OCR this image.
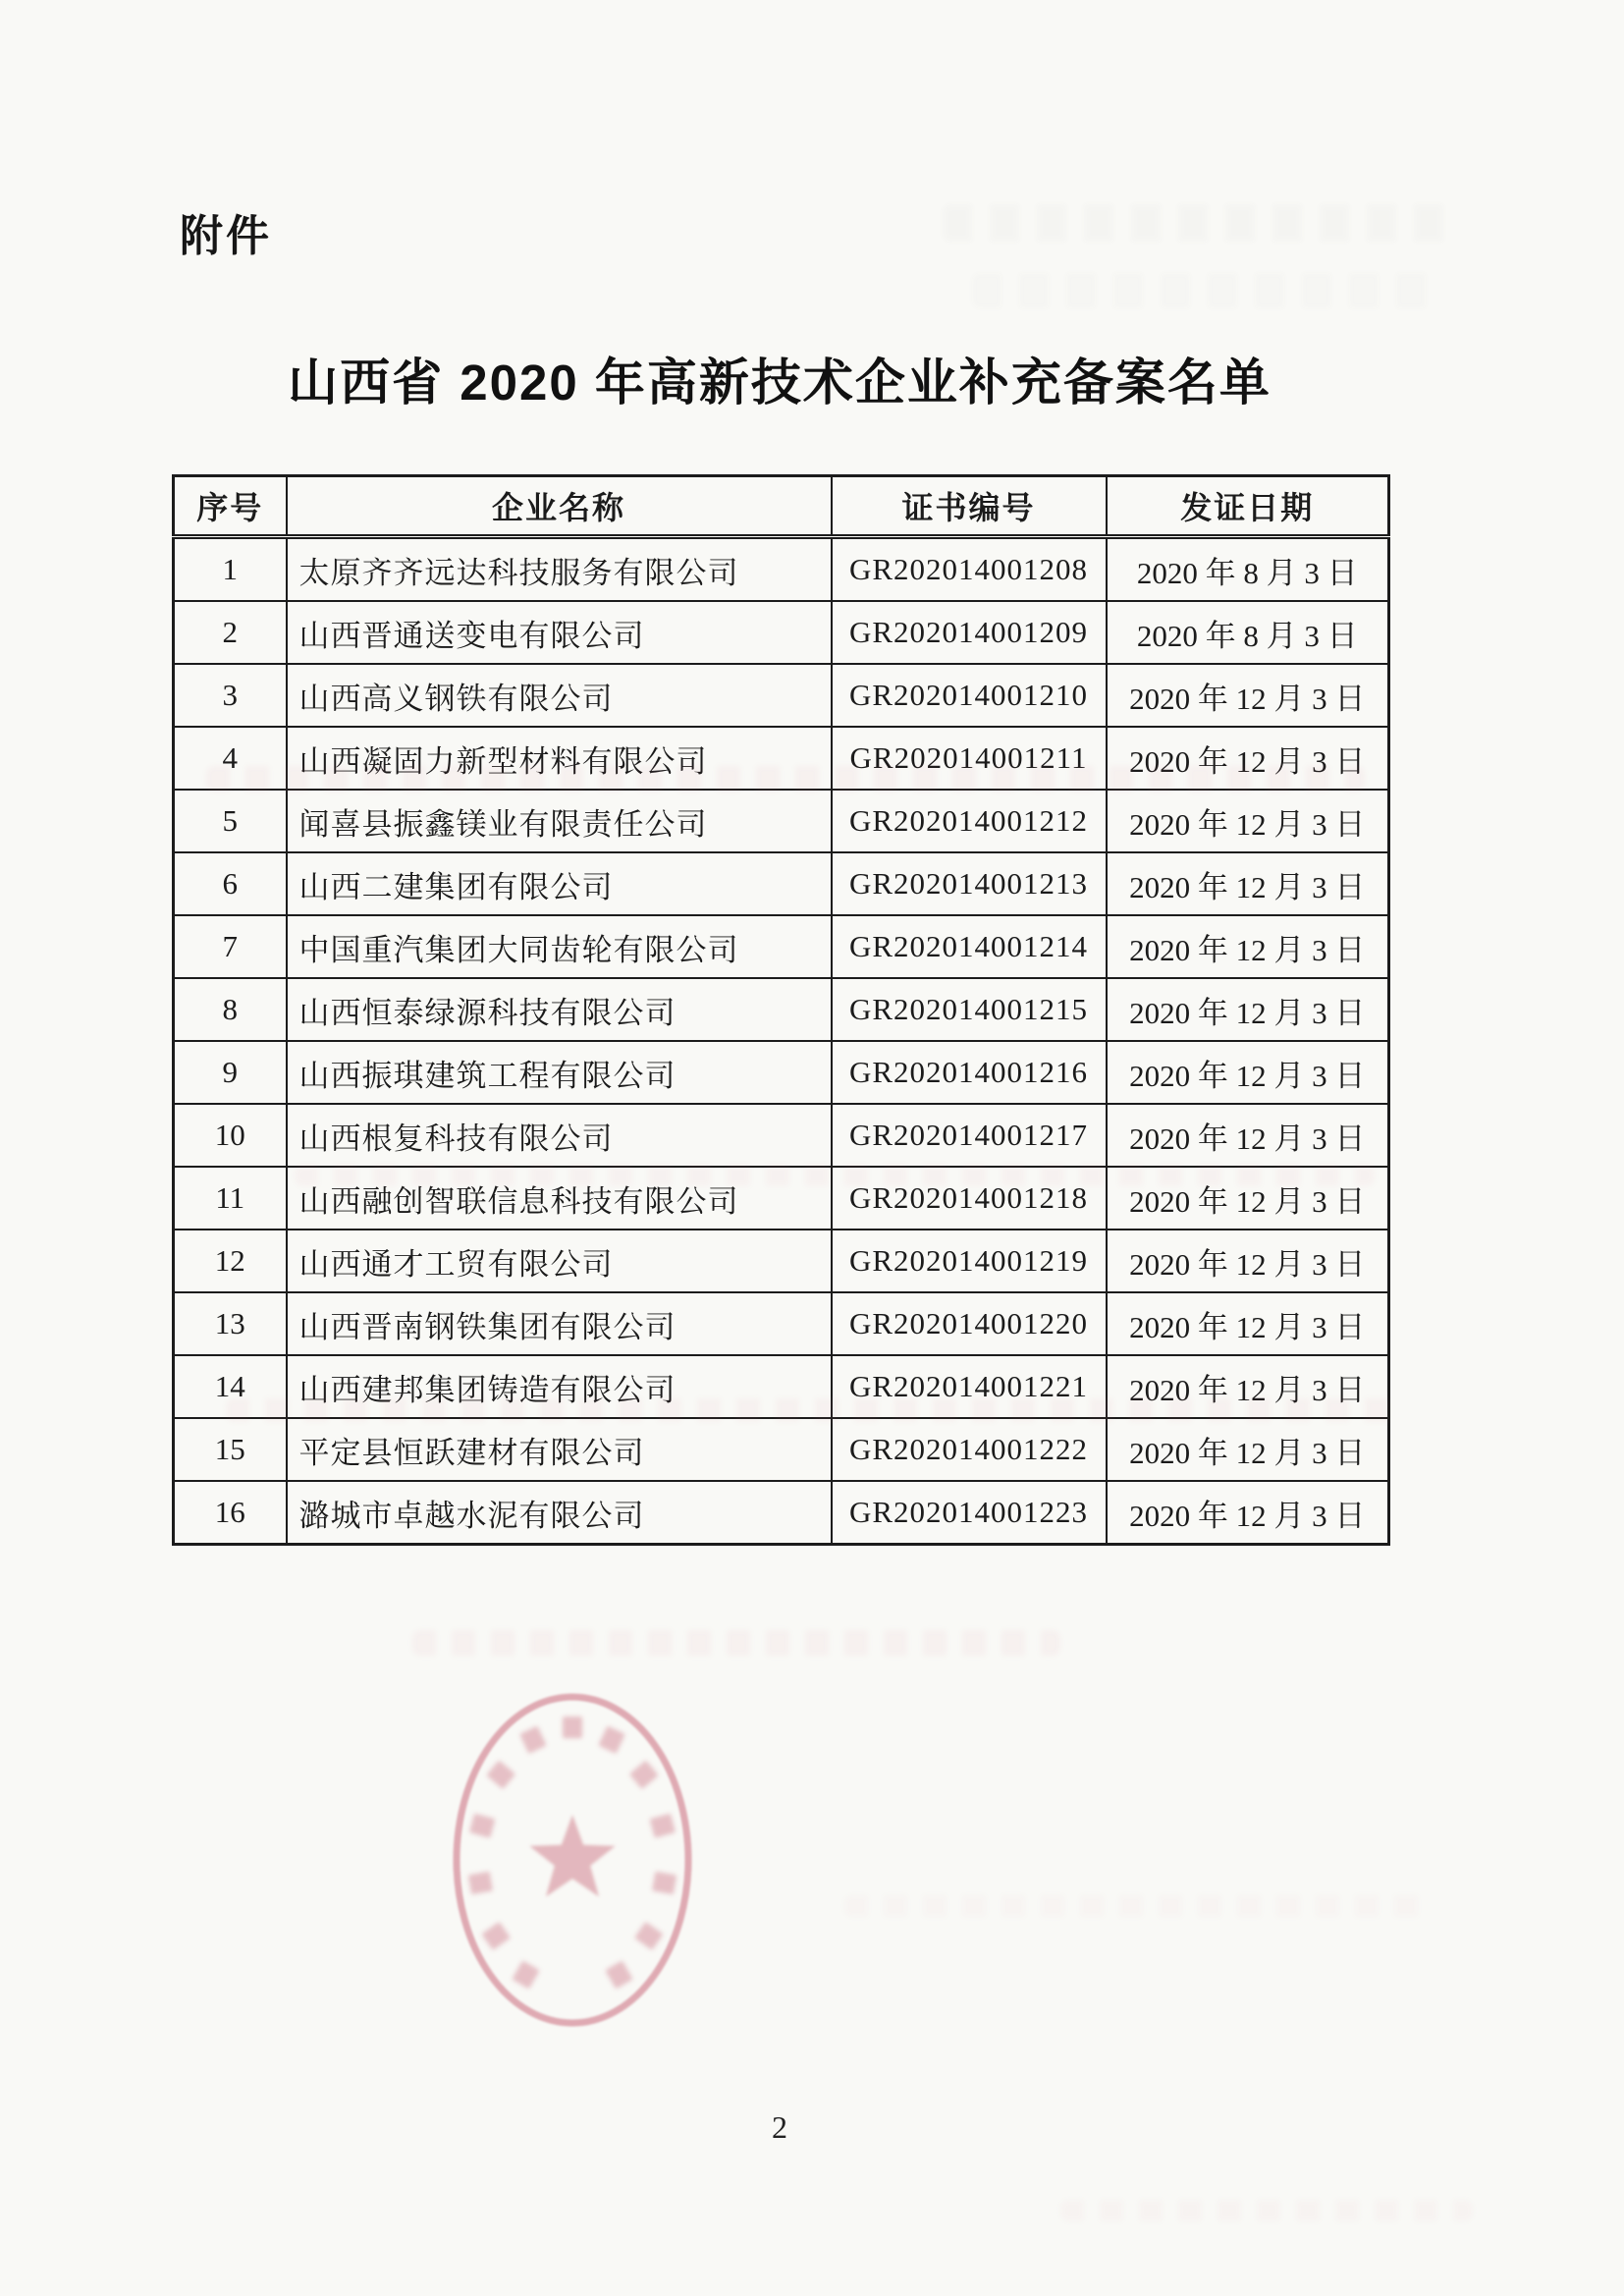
附件
山西省 2020 年高新技术企业补充备案名单
序号	企业名称	证书编号	发证日期
1	太原齐齐远达科技服务有限公司	GR202014001208	2020 年 8 月 3 日
2	山西晋通送变电有限公司	GR202014001209	2020 年 8 月 3 日
3	山西高义钢铁有限公司	GR202014001210	2020 年 12 月 3 日
4	山西凝固力新型材料有限公司	GR202014001211	2020 年 12 月 3 日
5	闻喜县振鑫镁业有限责任公司	GR202014001212	2020 年 12 月 3 日
6	山西二建集团有限公司	GR202014001213	2020 年 12 月 3 日
7	中国重汽集团大同齿轮有限公司	GR202014001214	2020 年 12 月 3 日
8	山西恒泰绿源科技有限公司	GR202014001215	2020 年 12 月 3 日
9	山西振琪建筑工程有限公司	GR202014001216	2020 年 12 月 3 日
10	山西根复科技有限公司	GR202014001217	2020 年 12 月 3 日
11	山西融创智联信息科技有限公司	GR202014001218	2020 年 12 月 3 日
12	山西通才工贸有限公司	GR202014001219	2020 年 12 月 3 日
13	山西晋南钢铁集团有限公司	GR202014001220	2020 年 12 月 3 日
14	山西建邦集团铸造有限公司	GR202014001221	2020 年 12 月 3 日
15	平定县恒跃建材有限公司	GR202014001222	2020 年 12 月 3 日
16	潞城市卓越水泥有限公司	GR202014001223	2020 年 12 月 3 日
2
